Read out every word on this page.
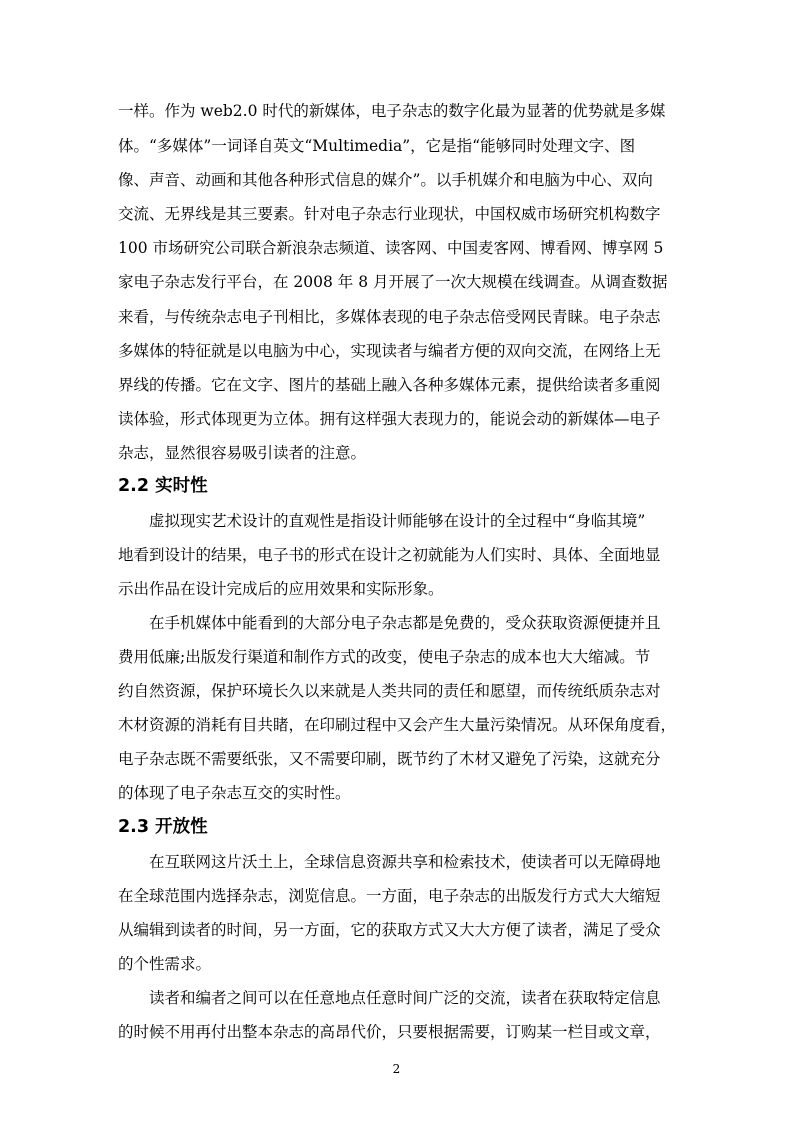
一样。作为 web2.0 时代的新媒体，电子杂志的数字化最为显著的优势就是多媒
体。“多媒体”一词译自英文“Multimedia”，它是指“能够同时处理文字、图
像、声音、动画和其他各种形式信息的媒介”。以手机媒介和电脑为中心、双向
交流、无界线是其三要素。针对电子杂志行业现状，中国权威市场研究机构数字
100 市场研究公司联合新浪杂志频道、读客网、中国麦客网、博看网、博享网 5
家电子杂志发行平台，在 2008 年 8 月开展了一次大规模在线调查。从调查数据
来看，与传统杂志电子刊相比，多媒体表现的电子杂志倍受网民青睐。电子杂志
多媒体的特征就是以电脑为中心，实现读者与编者方便的双向交流，在网络上无
界线的传播。它在文字、图片的基础上融入各种多媒体元素，提供给读者多重阅
读体验，形式体现更为立体。拥有这样强大表现力的，能说会动的新媒体—电子
杂志，显然很容易吸引读者的注意。
2.2 实时性
虚拟现实艺术设计的直观性是指设计师能够在设计的全过程中“身临其境”
地看到设计的结果，电子书的形式在设计之初就能为人们实时、具体、全面地显
示出作品在设计完成后的应用效果和实际形象。
在手机媒体中能看到的大部分电子杂志都是免费的，受众获取资源便捷并且
费用低廉;出版发行渠道和制作方式的改变，使电子杂志的成本也大大缩减。节
约自然资源，保护环境长久以来就是人类共同的责任和愿望，而传统纸质杂志对
木材资源的消耗有目共睹，在印刷过程中又会产生大量污染情况。从环保角度看，
电子杂志既不需要纸张，又不需要印刷，既节约了木材又避免了污染，这就充分
的体现了电子杂志互交的实时性。
2.3 开放性
在互联网这片沃土上，全球信息资源共享和检索技术，使读者可以无障碍地
在全球范围内选择杂志，浏览信息。一方面，电子杂志的出版发行方式大大缩短
从编辑到读者的时间，另一方面，它的获取方式又大大方便了读者，满足了受众
的个性需求。
读者和编者之间可以在任意地点任意时间广泛的交流，读者在获取特定信息
的时候不用再付出整本杂志的高昂代价，只要根据需要，订购某一栏目或文章，
2
